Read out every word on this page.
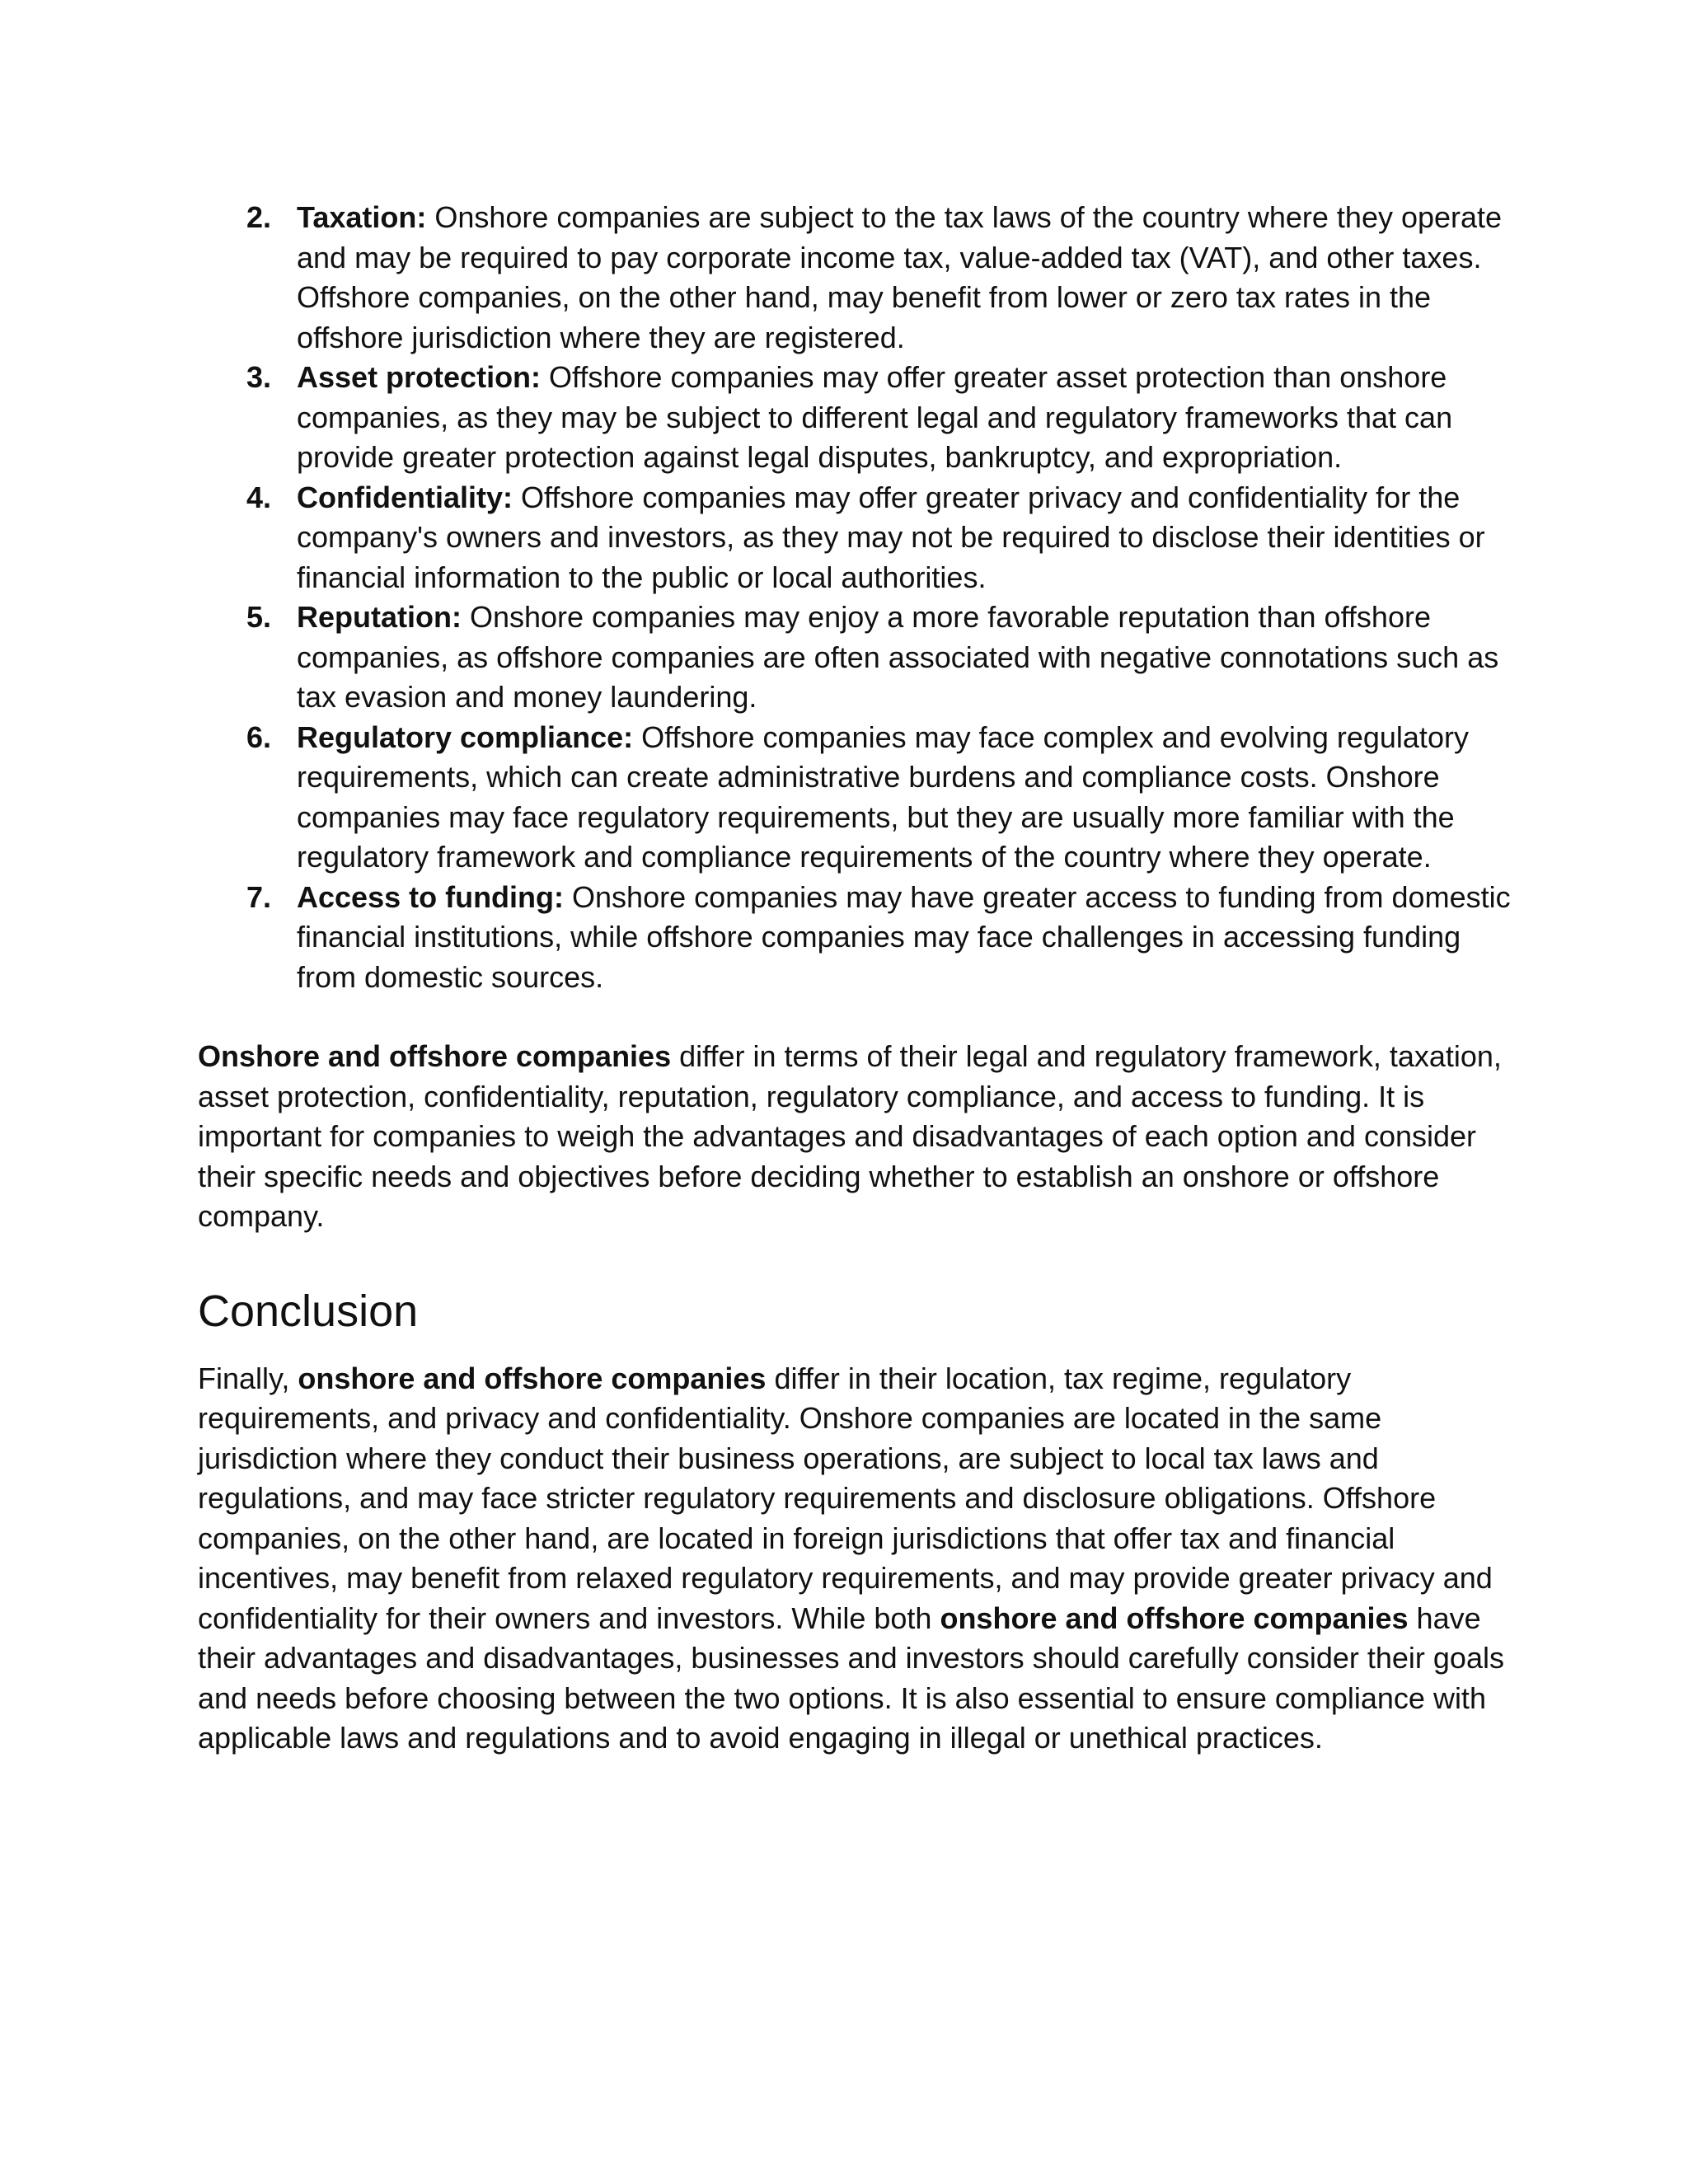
2. Taxation: Onshore companies are subject to the tax laws of the country where they operate and may be required to pay corporate income tax, value-added tax (VAT), and other taxes. Offshore companies, on the other hand, may benefit from lower or zero tax rates in the offshore jurisdiction where they are registered.
3. Asset protection: Offshore companies may offer greater asset protection than onshore companies, as they may be subject to different legal and regulatory frameworks that can provide greater protection against legal disputes, bankruptcy, and expropriation.
4. Confidentiality: Offshore companies may offer greater privacy and confidentiality for the company's owners and investors, as they may not be required to disclose their identities or financial information to the public or local authorities.
5. Reputation: Onshore companies may enjoy a more favorable reputation than offshore companies, as offshore companies are often associated with negative connotations such as tax evasion and money laundering.
6. Regulatory compliance: Offshore companies may face complex and evolving regulatory requirements, which can create administrative burdens and compliance costs. Onshore companies may face regulatory requirements, but they are usually more familiar with the regulatory framework and compliance requirements of the country where they operate.
7. Access to funding: Onshore companies may have greater access to funding from domestic financial institutions, while offshore companies may face challenges in accessing funding from domestic sources.

Onshore and offshore companies differ in terms of their legal and regulatory framework, taxation, asset protection, confidentiality, reputation, regulatory compliance, and access to funding. It is important for companies to weigh the advantages and disadvantages of each option and consider their specific needs and objectives before deciding whether to establish an onshore or offshore company.

Conclusion

Finally, onshore and offshore companies differ in their location, tax regime, regulatory requirements, and privacy and confidentiality. Onshore companies are located in the same jurisdiction where they conduct their business operations, are subject to local tax laws and regulations, and may face stricter regulatory requirements and disclosure obligations. Offshore companies, on the other hand, are located in foreign jurisdictions that offer tax and financial incentives, may benefit from relaxed regulatory requirements, and may provide greater privacy and confidentiality for their owners and investors. While both onshore and offshore companies have their advantages and disadvantages, businesses and investors should carefully consider their goals and needs before choosing between the two options. It is also essential to ensure compliance with applicable laws and regulations and to avoid engaging in illegal or unethical practices.
